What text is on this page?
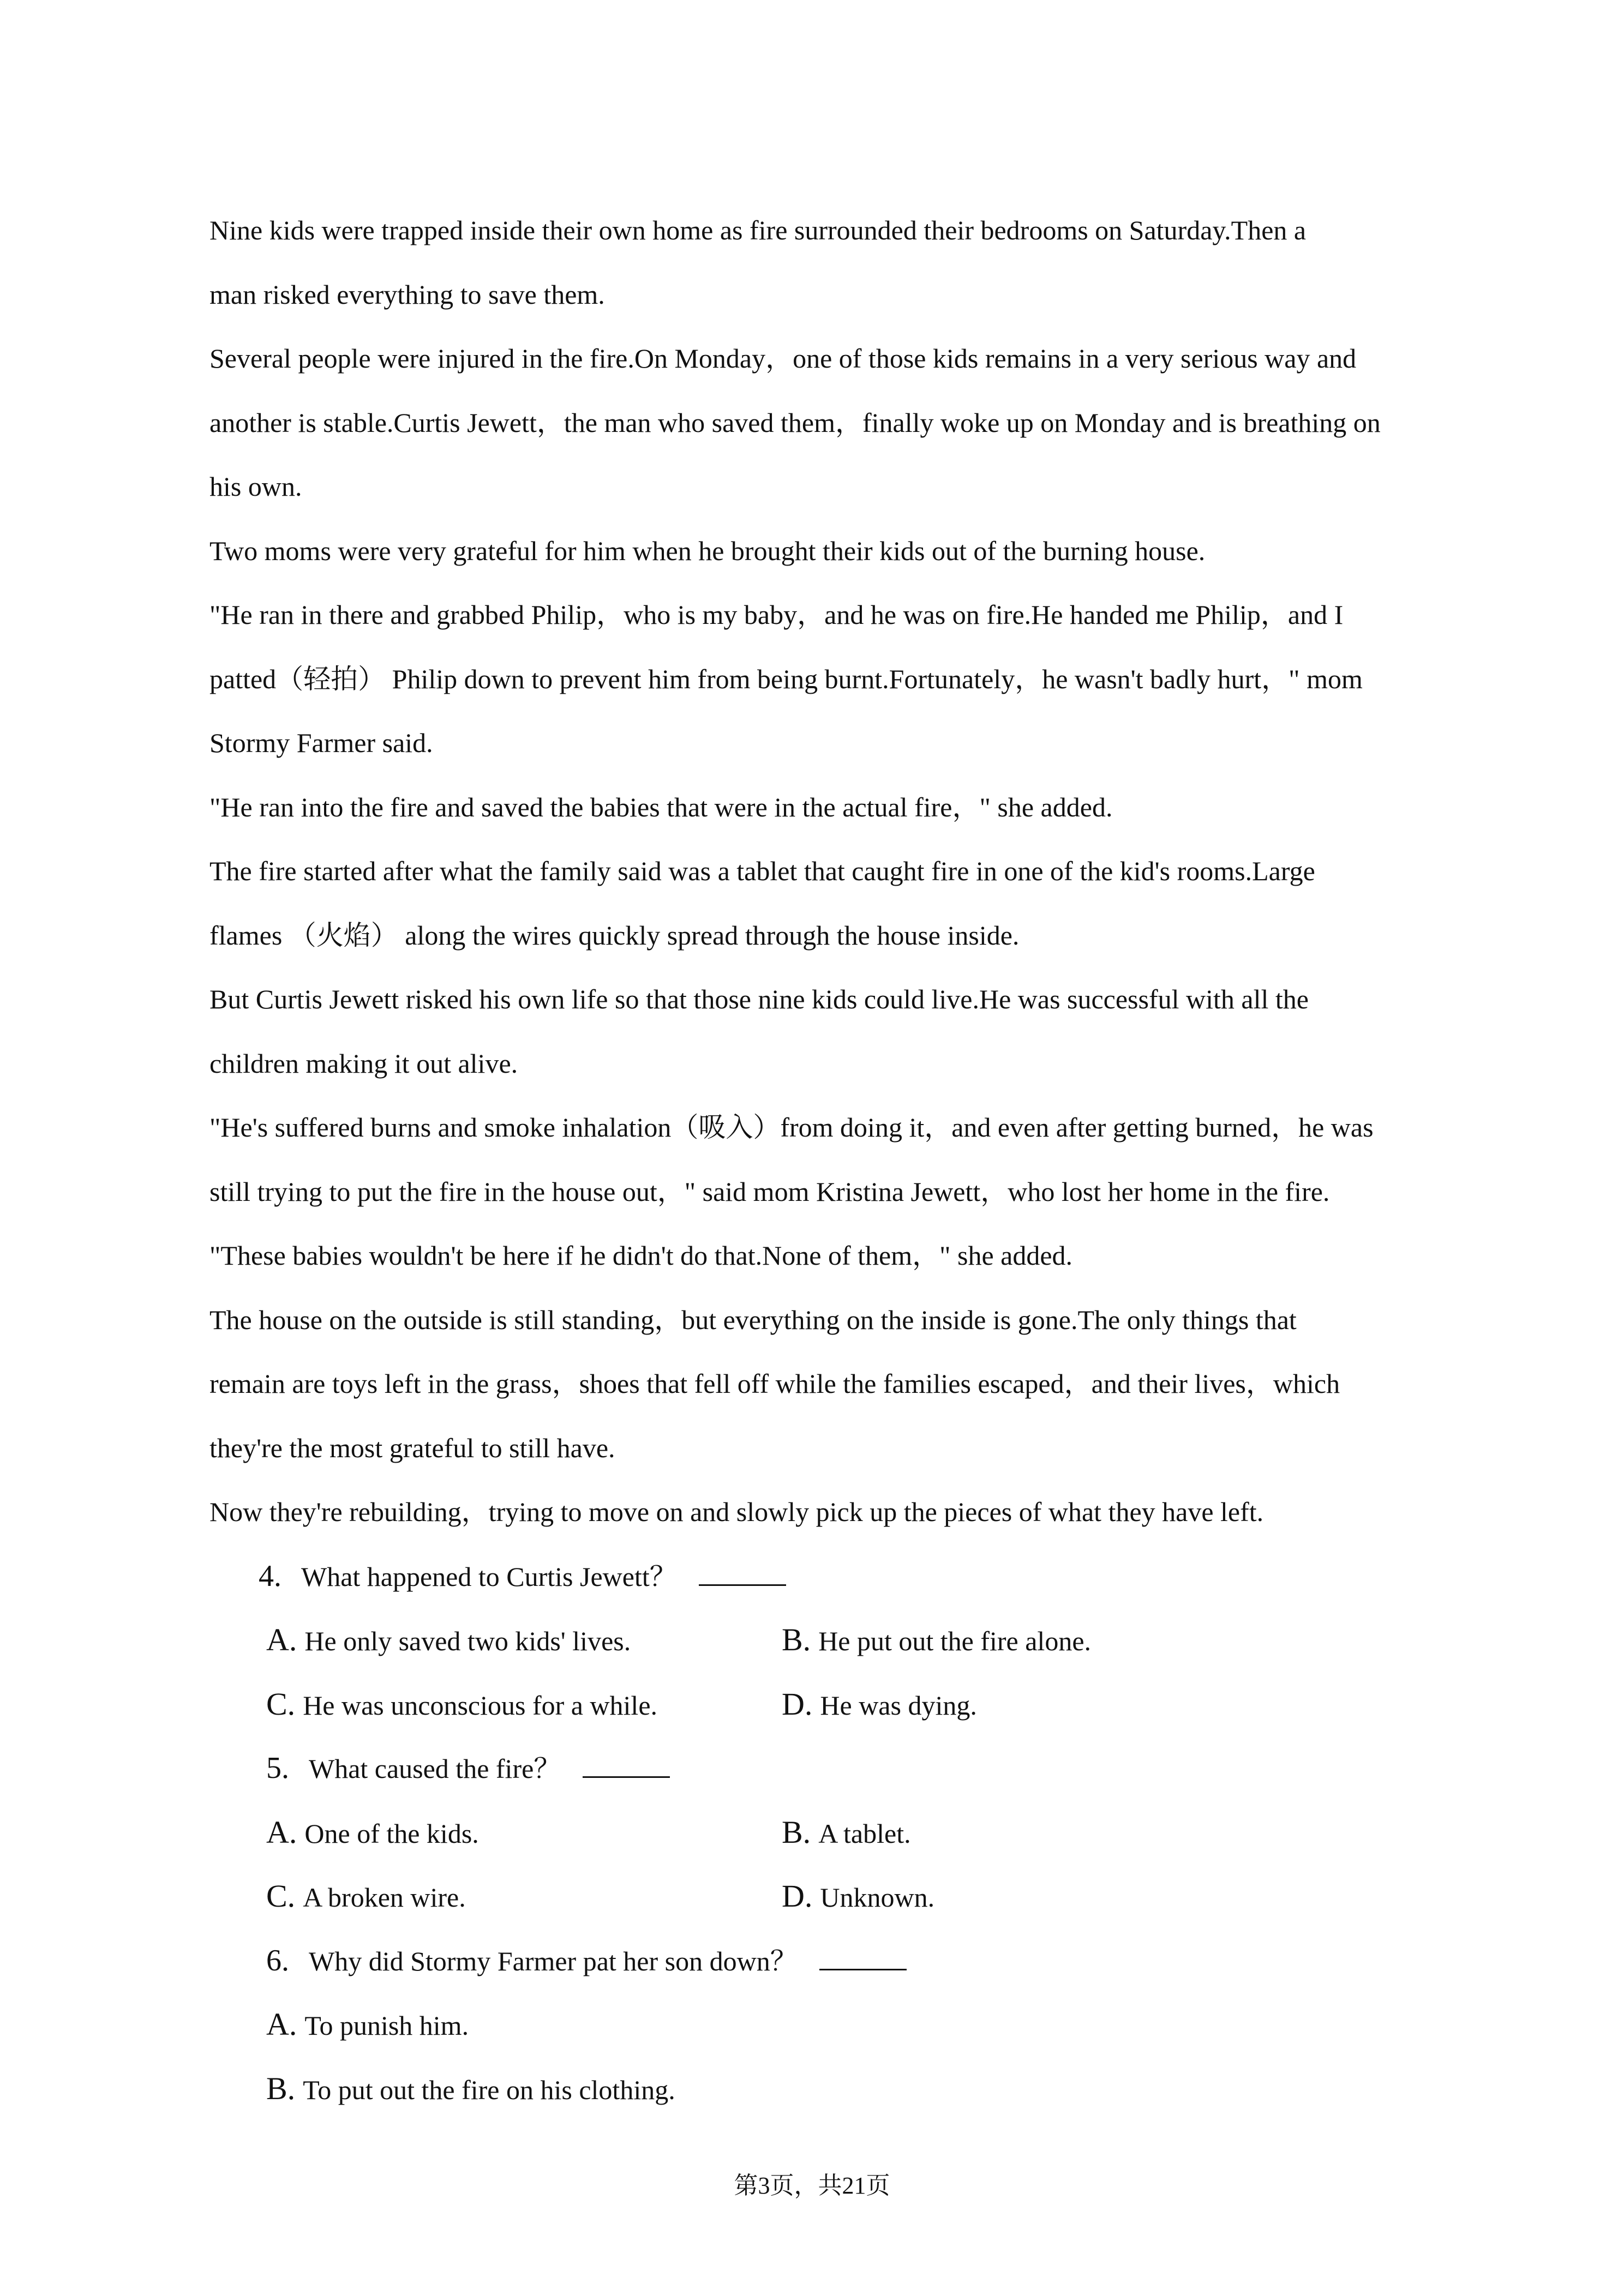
Nine kids were trapped inside their own home as fire surrounded their bedrooms on Saturday.Then a
man risked everything to save them.
Several people were injured in the fire.On Monday，one of those kids remains in a very serious way and
another is stable.Curtis Jewett，the man who saved them，finally woke up on Monday and is breathing on
his own.
Two moms were very grateful for him when he brought their kids out of the burning house.
"He ran in there and grabbed Philip，who is my baby，and he was on fire.He handed me Philip，and I
patted（轻拍） Philip down to prevent him from being burnt.Fortunately，he wasn't badly hurt，" mom
Stormy Farmer said.
"He ran into the fire and saved the babies that were in the actual fire，" she added.
The fire started after what the family said was a tablet that caught fire in one of the kid's rooms.Large
flames （火焰） along the wires quickly spread through the house inside.
But Curtis Jewett risked his own life so that those nine kids could live.He was successful with all the
children making it out alive.
"He's suffered burns and smoke inhalation（吸入）from doing it，and even after getting burned，he was
still trying to put the fire in the house out，" said mom Kristina Jewett，who lost her home in the fire.
"These babies wouldn't be here if he didn't do that.None of them，" she added.
The house on the outside is still standing，but everything on the inside is gone.The only things that
remain are toys left in the grass，shoes that fell off while the families escaped，and their lives，which
they're the most grateful to still have.
Now they're rebuilding，trying to move on and slowly pick up the pieces of what they have left.
4. What happened to Curtis Jewett？
A. He only saved two kids' lives.	B. He put out the fire alone.
C. He was unconscious for a while.	D. He was dying.
5. What caused the fire？
A. One of the kids.	B. A tablet.
C. A broken wire.	D. Unknown.
6. Why did Stormy Farmer pat her son down？
A. To punish him.
B. To put out the fire on his clothing.
第3页，共21页
